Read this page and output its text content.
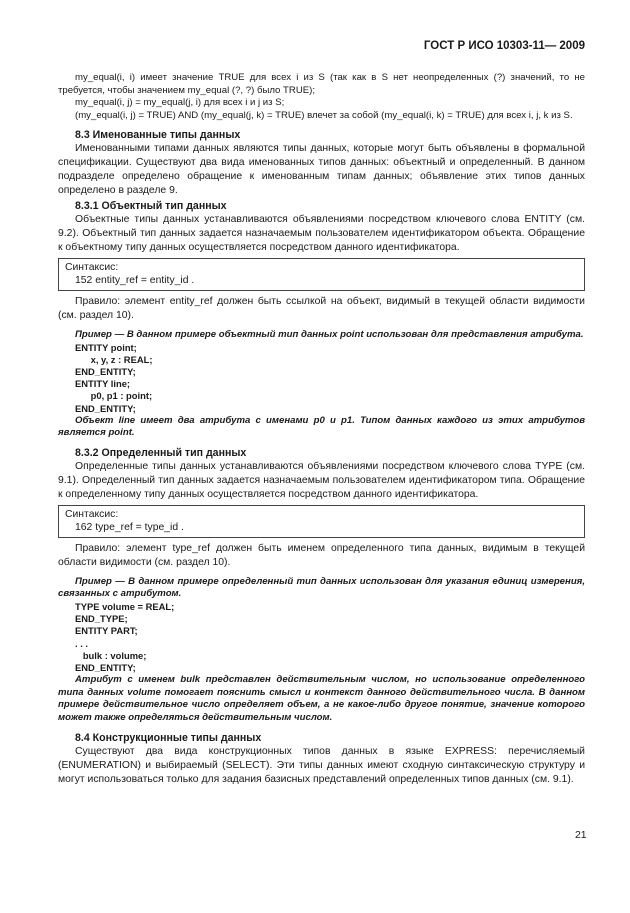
ГОСТ Р ИСО 10303-11— 2009

my_equal(i, i) имеет значение TRUE для всех i из S (так как в S нет неопределенных (?) значений, то не требуется, чтобы значением my_equal (?, ?) было TRUE);

my_equal(i, j) = my_equal(j, i) для всех i и j из S;

(my_equal(i, j) = TRUE) AND (my_equal(j, k) = TRUE) влечет за собой (my_equal(i, k) = TRUE) для всех i, j, k из S.

8.3 Именованные типы данных

Именованными типами данных являются типы данных, которые могут быть объявлены в формальной спецификации. Существуют два вида именованных типов данных: объектный и определенный. В данном подразделе определено обращение к именованным типам данных; объявление этих типов данных определено в разделе 9.

8.3.1 Объектный тип данных

Объектные типы данных устанавливаются объявлениями посредством ключевого слова ENTITY (см. 9.2). Объектный тип данных задается назначаемым пользователем идентификатором объекта. Обращение к объектному типу данных осуществляется посредством данного идентификатора.

Синтаксис:
152 entity_ref = entity_id .

Правило: элемент entity_ref должен быть ссылкой на объект, видимый в текущей области видимости (см. раздел 10).

Пример — В данном примере объектный тип данных point использован для представления атрибута.

ENTITY point;
x, y, z : REAL;
END_ENTITY;
ENTITY line;
p0, p1 : point;
END_ENTITY;

Объект line имеет два атрибута с именами p0 и p1. Типом данных каждого из этих атрибутов является point.

8.3.2 Определенный тип данных

Определенные типы данных устанавливаются объявлениями посредством ключевого слова TYPE (см. 9.1). Определенный тип данных задается назначаемым пользователем идентификатором типа. Обращение к определенному типу данных осуществляется посредством данного идентификатора.

Синтаксис:
162 type_ref = type_id .

Правило: элемент type_ref должен быть именем определенного типа данных, видимым в текущей области видимости (см. раздел 10).

Пример — В данном примере определенный тип данных использован для указания единиц измерения, связанных с атрибутом.

TYPE volume = REAL;
END_TYPE;
ENTITY PART;
. . .
bulk : volume;
END_ENTITY;

Атрибут с именем bulk представлен действительным числом, но использование определенного типа данных volume помогает пояснить смысл и контекст данного действительного числа. В данном примере действительное число определяет объем, а не какое-либо другое понятие, значение которого может также определяться действительным числом.

8.4 Конструкционные типы данных

Существуют два вида конструкционных типов данных в языке EXPRESS: перечисляемый (ENUMERATION) и выбираемый (SELECT). Эти типы данных имеют сходную синтаксическую структуру и могут использоваться только для задания базисных представлений определенных типов данных (см. 9.1).

21
